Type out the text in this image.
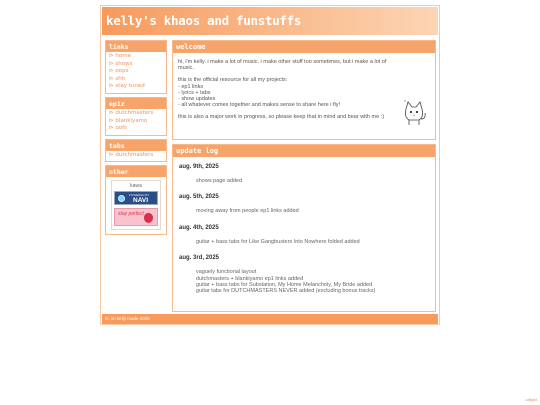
kelly's khaos and funstuffs
links
⊳ home
⊳ shows
⊳ oops
⊳ shh
⊳ stay tuned
ep1z
⊳ dutchmasters
⊳ blankiyamo
⊳ oofs
tabs
⊳ dutchmasters
other
kawa
POWERED BY
NAVI
stay perfect
welcome

hi, i'm kelly. i make a lot of music. i make other stuff too sometimes, but i make a lot of music.

this is the official resource for all my projects:
- ep1 links
- lyrics + tabs
- show updates
- all whatever comes together and makes sense to share here i fly!

this is also a major work in progress, so please keep that in mind and bear with me :)

update log
aug. 9th, 2025
shows page added
aug. 5th, 2025
moving away from people ep1 links added
aug. 4th, 2025
guitar + bass tabs for Like Gangbusters Into Nowhere folded added
aug. 3rd, 2025
vaguely functional layout
dutchmasters + blankiyamo ep1 links added
guitar + bass tabs for Substation, My Home Melancholy, My Bride added
guitar tabs for DUTCHMASTERS NEVER added (excluding bonus tracks)
hi, im kelly made 2025
uillight
